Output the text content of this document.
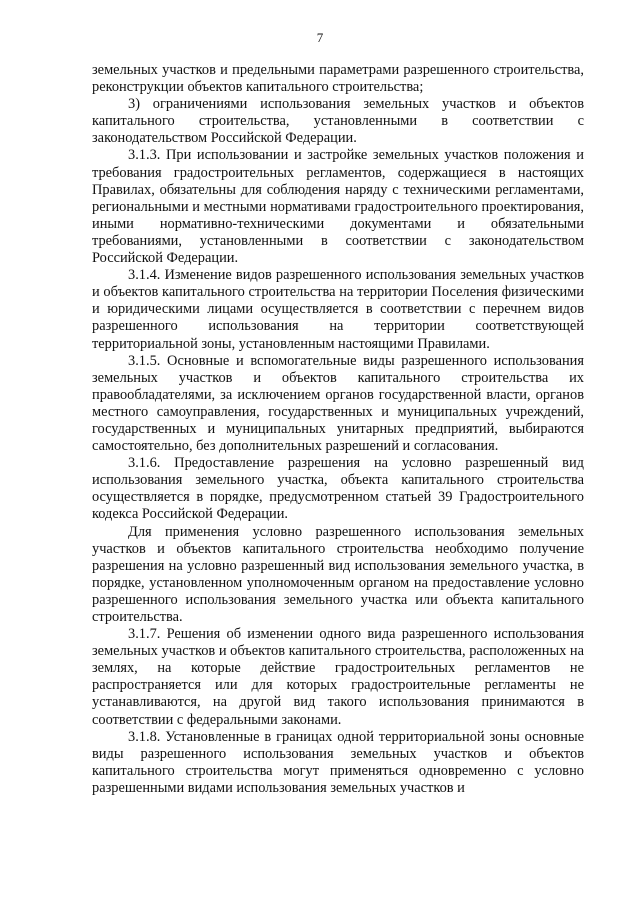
7

земельных участков и предельными параметрами разрешенного строительства, реконструкции объектов капитального строительства;

3) ограничениями использования земельных участков и объектов капитального строительства, установленными в соответствии с законодательством Российской Федерации.

3.1.3. При использовании и застройке земельных участков положения и требования градостроительных регламентов, содержащиеся в настоящих Правилах, обязательны для соблюдения наряду с техническими регламентами, региональными и местными нормативами градостроительного проектирования, иными нормативно-техническими документами и обязательными требованиями, установленными в соответствии с законодательством Российской Федерации.

3.1.4. Изменение видов разрешенного использования земельных участков и объектов капитального строительства на территории Поселения физическими и юридическими лицами осуществляется в соответствии с перечнем видов разрешенного использования на территории соответствующей территориальной зоны, установленным настоящими Правилами.

3.1.5. Основные и вспомогательные виды разрешенного использования земельных участков и объектов капитального строительства их правообладателями, за исключением органов государственной власти, органов местного самоуправления, государственных и муниципальных учреждений, государственных и муниципальных унитарных предприятий, выбираются самостоятельно, без дополнительных разрешений и согласования.

3.1.6. Предоставление разрешения на условно разрешенный вид использования земельного участка, объекта капитального строительства осуществляется в порядке, предусмотренном статьей 39 Градостроительного кодекса Российской Федерации.

Для применения условно разрешенного использования земельных участков и объектов капитального строительства необходимо получение разрешения на условно разрешенный вид использования земельного участка, в порядке, установленном уполномоченным органом на предоставление условно разрешенного использования земельного участка или объекта капитального строительства.

3.1.7. Решения об изменении одного вида разрешенного использования земельных участков и объектов капитального строительства, расположенных на землях, на которые действие градостроительных регламентов не распространяется или для которых градостроительные регламенты не устанавливаются, на другой вид такого использования принимаются в соответствии с федеральными законами.

3.1.8. Установленные в границах одной территориальной зоны основные виды разрешенного использования земельных участков и объектов капитального строительства могут применяться одновременно с условно разрешенными видами использования земельных участков и
